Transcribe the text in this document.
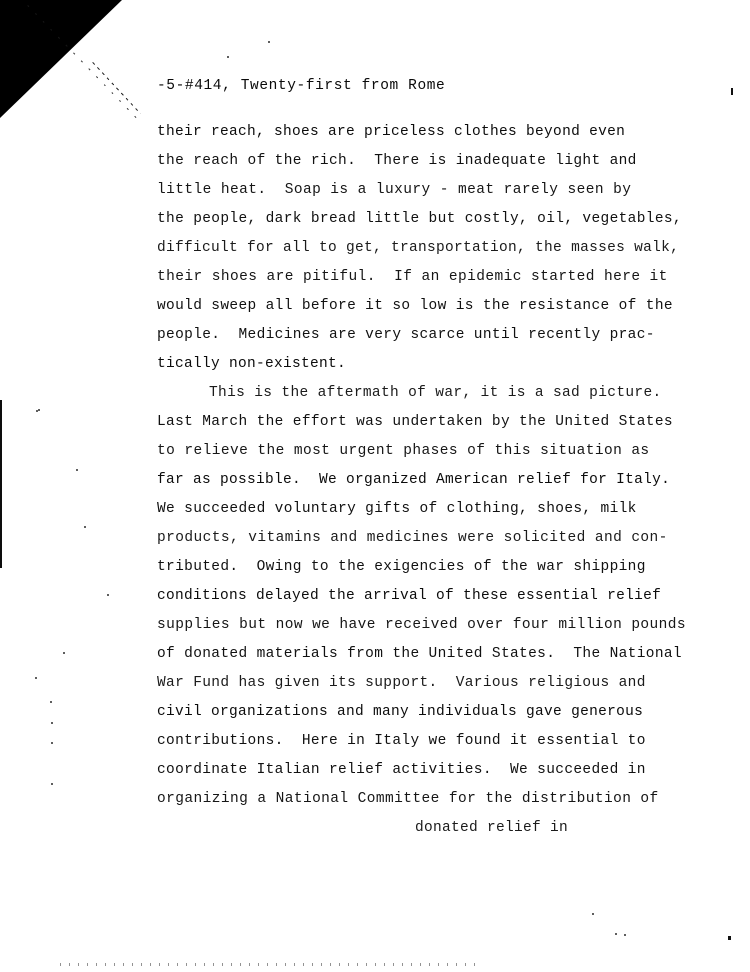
-5-#414, Twenty-first from Rome
their reach, shoes are priceless clothes beyond even
the reach of the rich.  There is inadequate light and
little heat.  Soap is a luxury - meat rarely seen by
the people, dark bread little but costly, oil, vegetables,
difficult for all to get, transportation, the masses walk,
their shoes are pitiful.  If an epidemic started here it
would sweep all before it so low is the resistance of the
people.  Medicines are very scarce until recently prac-
tically non-existent.
This is the aftermath of war, it is a sad picture.
Last March the effort was undertaken by the United States
to relieve the most urgent phases of this situation as
far as possible.  We organized American relief for Italy.
We succeeded voluntary gifts of clothing, shoes, milk
products, vitamins and medicines were solicited and con-
tributed.  Owing to the exigencies of the war shipping
conditions delayed the arrival of these essential relief
supplies but now we have received over four million pounds
of donated materials from the United States.  The National
War Fund has given its support.  Various religious and
civil organizations and many individuals gave generous
contributions.  Here in Italy we found it essential to
coordinate Italian relief activities.  We succeeded in
organizing a National Committee for the distribution of
donated relief in
